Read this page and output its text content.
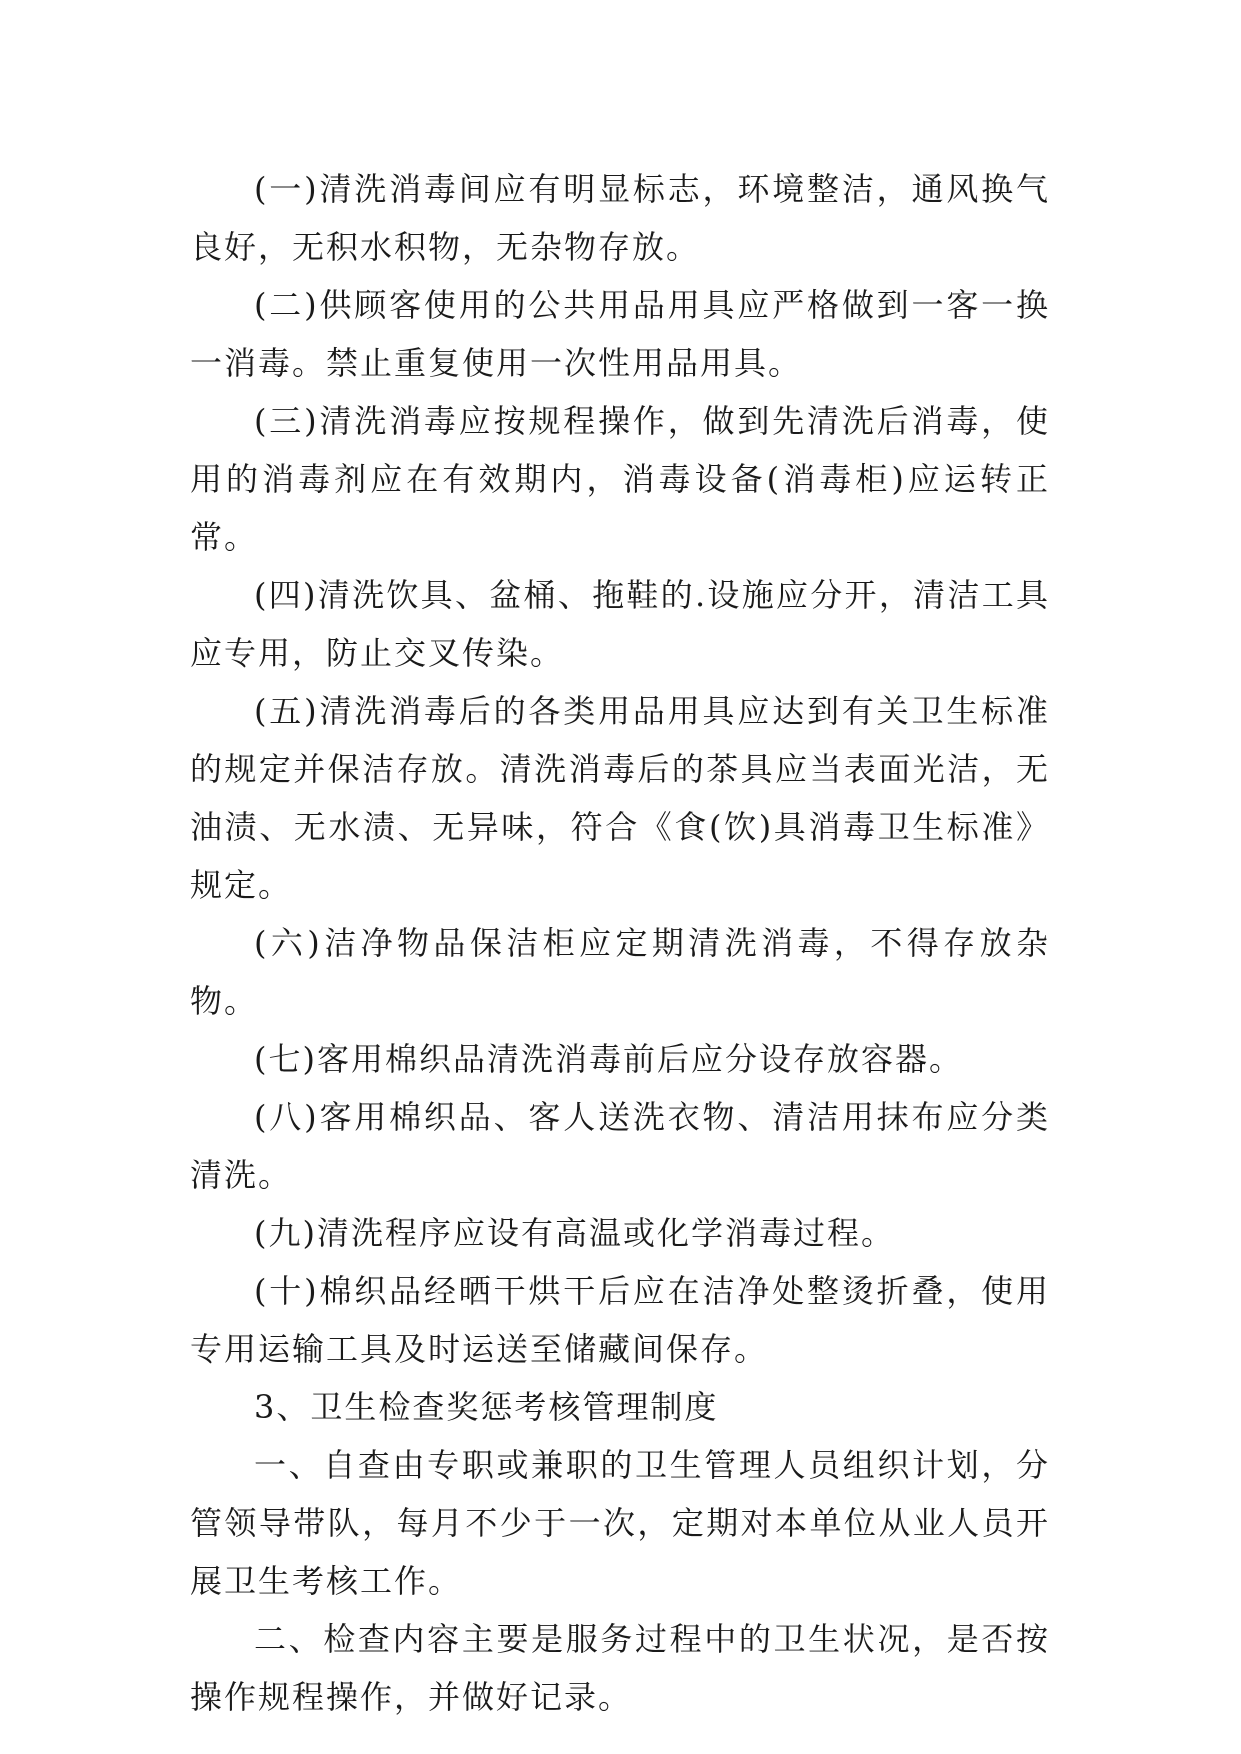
(一)清洗消毒间应有明显标志，环境整洁，通风换气良好，无积水积物，无杂物存放。

(二)供顾客使用的公共用品用具应严格做到一客一换一消毒。禁止重复使用一次性用品用具。

(三)清洗消毒应按规程操作，做到先清洗后消毒，使用的消毒剂应在有效期内，消毒设备(消毒柜)应运转正常。

(四)清洗饮具、盆桶、拖鞋的.设施应分开，清洁工具应专用，防止交叉传染。

(五)清洗消毒后的各类用品用具应达到有关卫生标准的规定并保洁存放。清洗消毒后的茶具应当表面光洁，无油渍、无水渍、无异味，符合《食(饮)具消毒卫生标准》规定。

(六)洁净物品保洁柜应定期清洗消毒，不得存放杂物。

(七)客用棉织品清洗消毒前后应分设存放容器。

(八)客用棉织品、客人送洗衣物、清洁用抹布应分类清洗。

(九)清洗程序应设有高温或化学消毒过程。

(十)棉织品经晒干烘干后应在洁净处整烫折叠，使用专用运输工具及时运送至储藏间保存。

3、卫生检查奖惩考核管理制度

一、自查由专职或兼职的卫生管理人员组织计划，分管领导带队，每月不少于一次，定期对本单位从业人员开展卫生考核工作。

二、检查内容主要是服务过程中的卫生状况，是否按操作规程操作，并做好记录。
